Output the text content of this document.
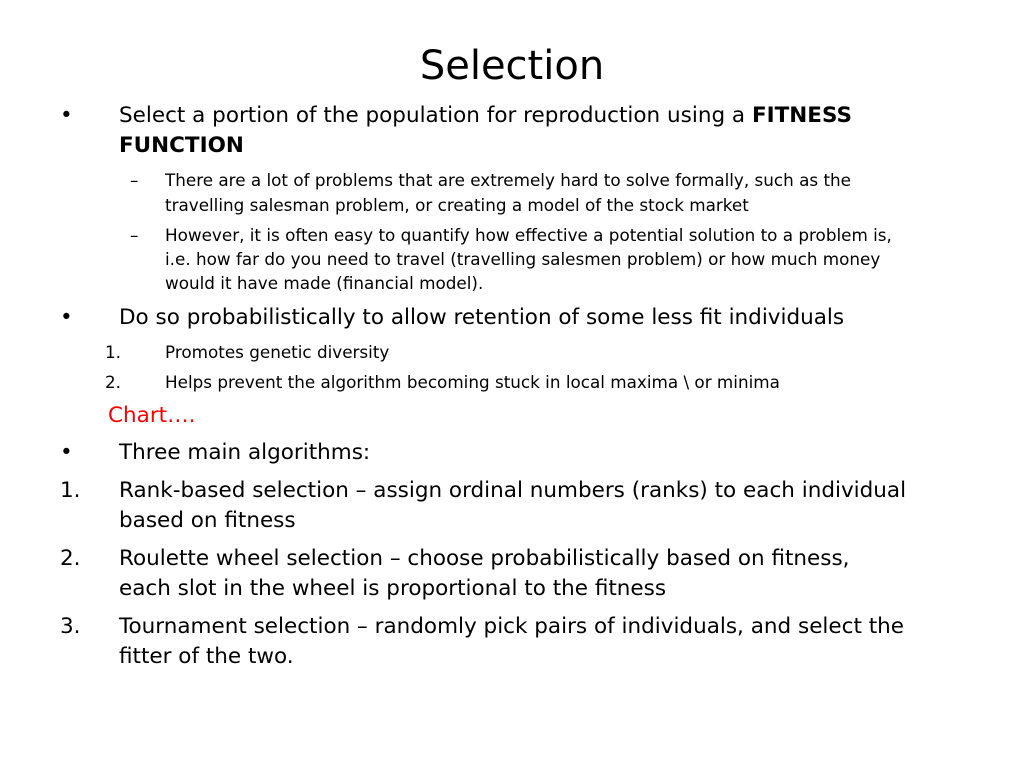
Selection
• Select a portion of the population for reproduction using a FITNESS
FUNCTION
– There are a lot of problems that are extremely hard to solve formally, such as the
travelling salesman problem, or creating a model of the stock market
– However, it is often easy to quantify how effective a potential solution to a problem is,
i.e. how far do you need to travel (travelling salesmen problem) or how much money
would it have made (financial model).
• Do so probabilistically to allow retention of some less fit individuals
1.	Promotes genetic diversity
2.	Helps prevent the algorithm becoming stuck in local maxima \ or minima
Chart….
• Three main algorithms:
1. Rank-based selection – assign ordinal numbers (ranks) to each individual
based on fitness
2. Roulette wheel selection – choose probabilistically based on fitness,
each slot in the wheel is proportional to the fitness
3. Tournament selection – randomly pick pairs of individuals, and select the
fitter of the two.
